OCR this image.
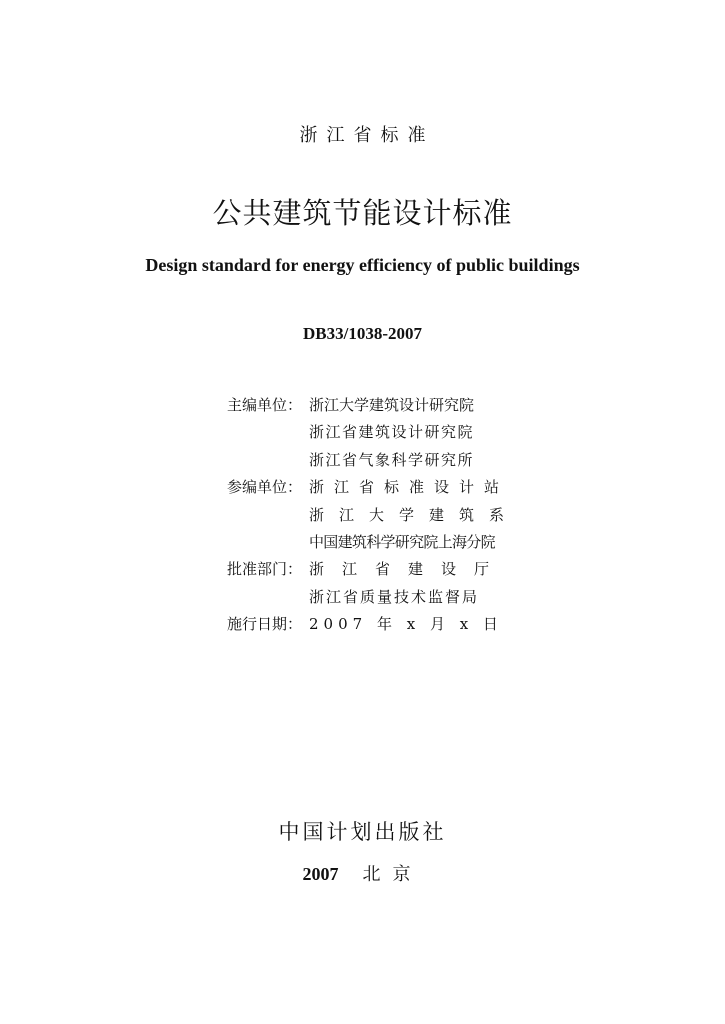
浙江省标准
公共建筑节能设计标准
Design standard for energy efficiency of public buildings
DB33/1038-2007
主编单位： 浙江大学建筑设计研究院
浙江省建筑设计研究院
浙江省气象科学研究所
参编单位： 浙江省标准设计站
浙江大学建筑系
中国建筑科学研究院上海分院
批准部门： 浙江省建设厅
浙江省质量技术监督局
施行日期： 2007 年 x 月 x 日
中国计划出版社
2007 北京
